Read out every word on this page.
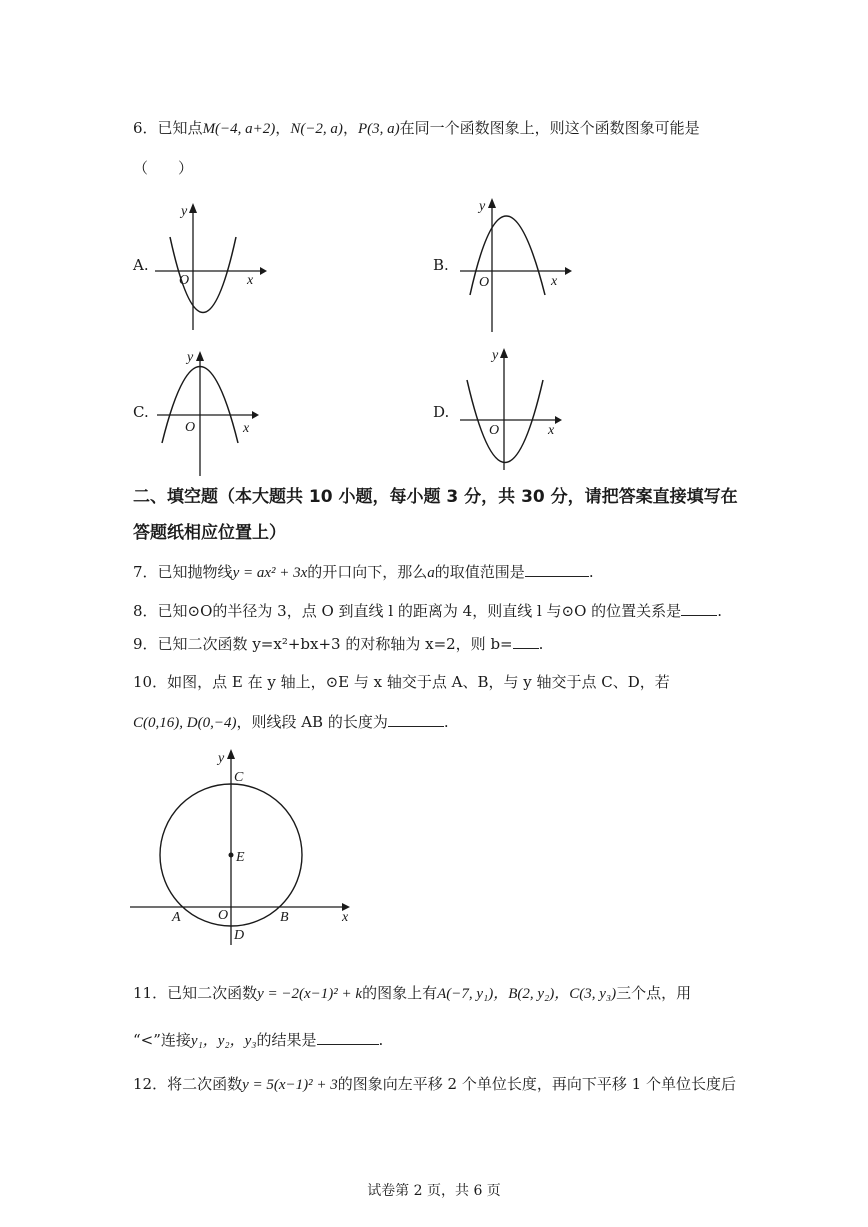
6．已知点M(−4, a+2)，N(−2, a)，P(3, a)在同一个函数图象上，则这个函数图象可能是
（　　）
A.
y
O	x
B.
y
O	x
C.
y
O	x
D.
y
O	x
二、填空题（本大题共 10 小题，每小题 3 分，共 30 分，请把答案直接填写在
答题纸相应位置上）
7．已知抛物线y = ax² + 3x的开口向下，那么a的取值范围是	.
8．已知⊙O的半径为 3，点 O 到直线 l 的距离为 4，则直线 l 与⊙O 的位置关系是 .
9．已知二次函数 y=x²+bx+3 的对称轴为 x=2，则 b= .
10．如图，点 E 在 y 轴上，⊙E 与 x 轴交于点 A、B，与 y 轴交于点 C、D，若
C(0,16), D(0,−4)，则线段 AB 的长度为	.
y
C
E
A	O	B
D
x
11．已知二次函数y = −2(x−1)² + k的图象上有A(−7, y₁)，B(2, y₂)，C(3, y₃)三个点，用
“<”连接y₁，y₂，y₃的结果是	.
12．将二次函数y = 5(x−1)² + 3的图象向左平移 2 个单位长度，再向下平移 1 个单位长度后
试卷第 2 页，共 6 页
